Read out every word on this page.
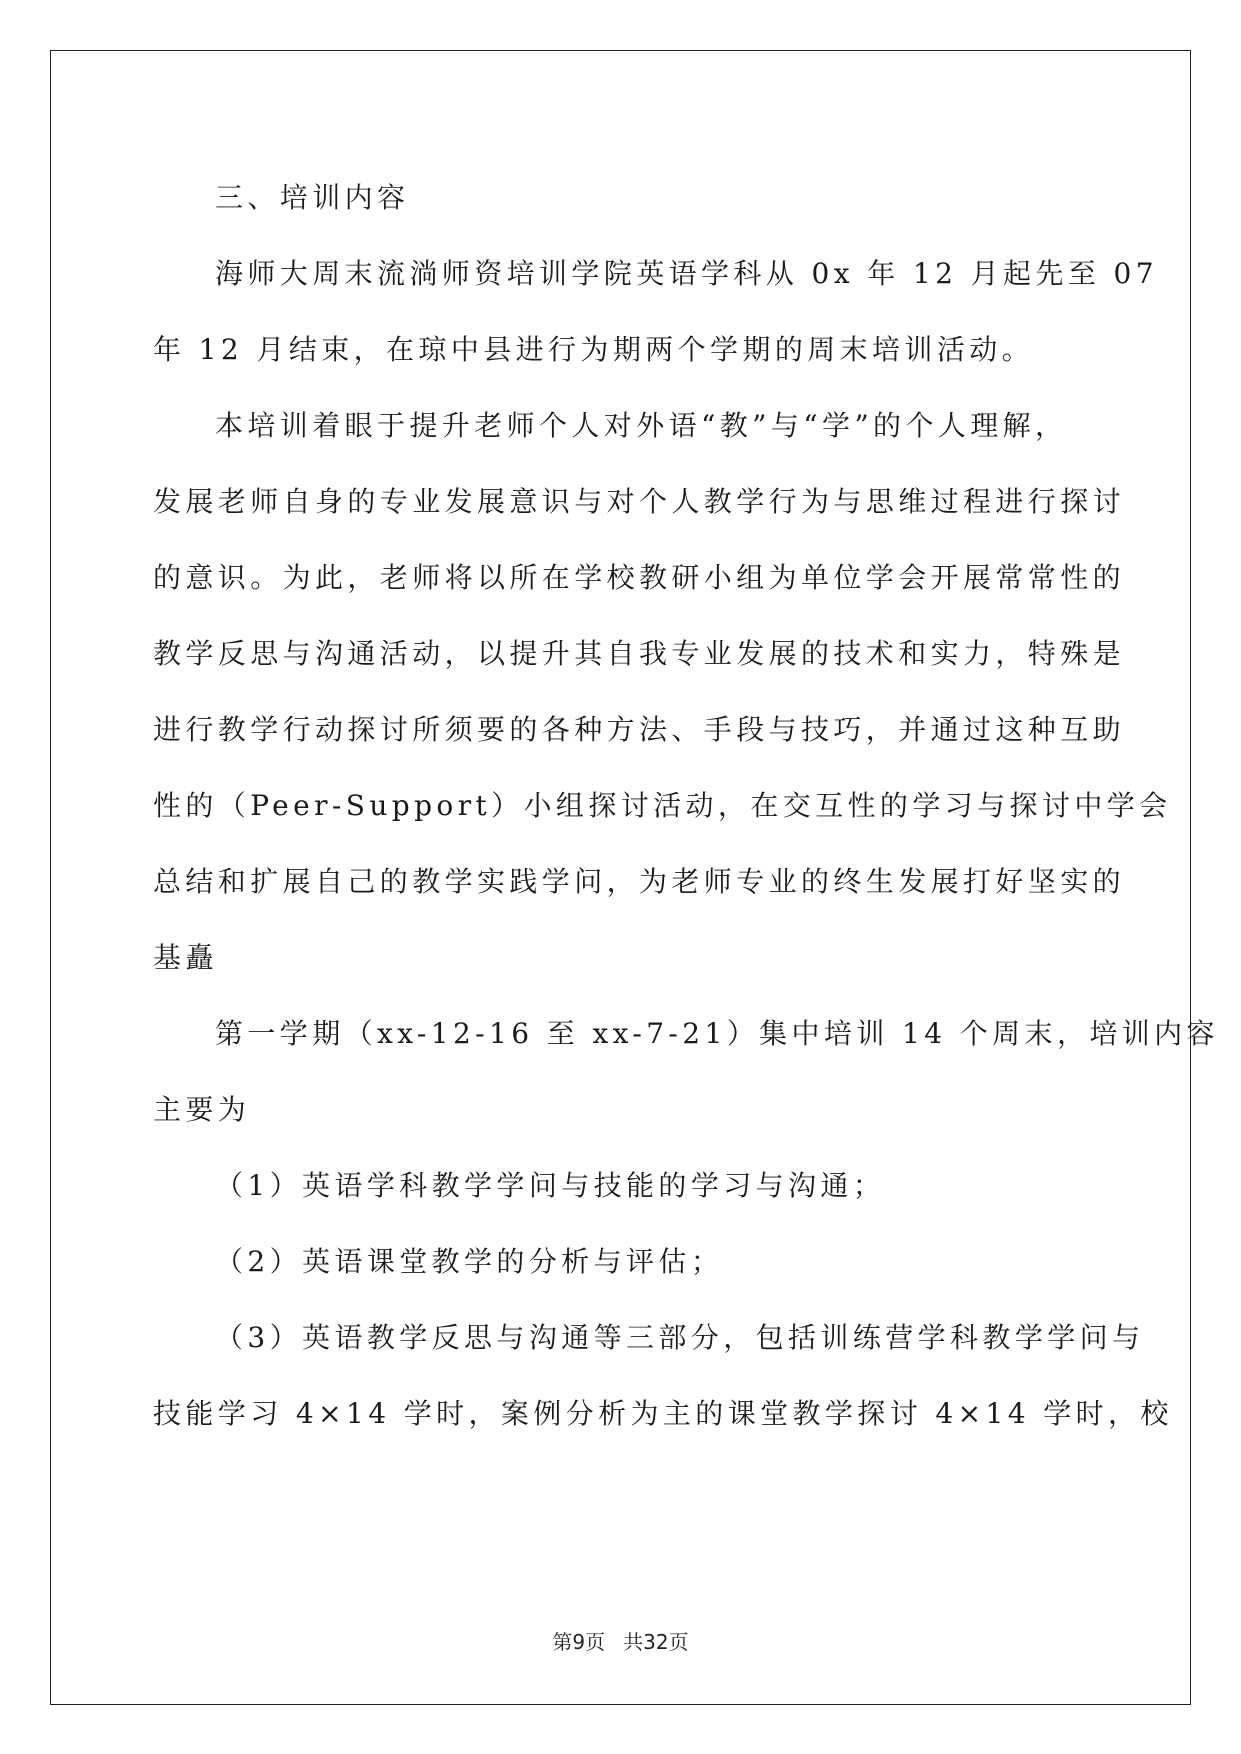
三、培训内容

海师大周末流淌师资培训学院英语学科从 0x 年 12 月起先至 07

年 12 月结束，在琼中县进行为期两个学期的周末培训活动。

本培训着眼于提升老师个人对外语“教”与“学”的个人理解，

发展老师自身的专业发展意识与对个人教学行为与思维过程进行探讨

的意识。为此，老师将以所在学校教研小组为单位学会开展常常性的

教学反思与沟通活动，以提升其自我专业发展的技术和实力，特殊是

进行教学行动探讨所须要的各种方法、手段与技巧，并通过这种互助

性的（Peer-Support）小组探讨活动，在交互性的学习与探讨中学会

总结和扩展自己的教学实践学问，为老师专业的终生发展打好坚实的

基矗

第一学期（xx-12-16 至 xx-7-21）集中培训 14 个周末，培训内容

主要为

（1）英语学科教学学问与技能的学习与沟通；

（2）英语课堂教学的分析与评估；

（3）英语教学反思与沟通等三部分，包括训练营学科教学学问与

技能学习 4×14 学时，案例分析为主的课堂教学探讨 4×14 学时，校

第9页 共32页
